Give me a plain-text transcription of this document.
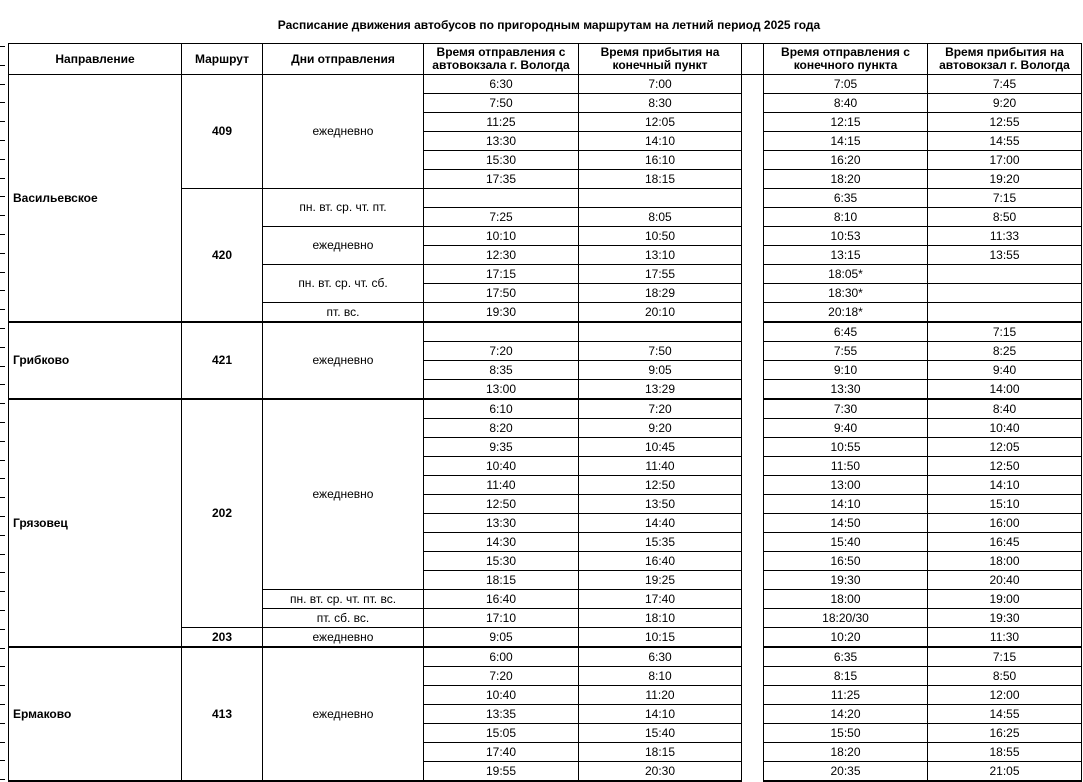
Расписание движения автобусов по пригородным маршрутам на летний период 2025 года
Направление	Маршрут	Дни отправления	Время отправления с автовокзала г. Вологда	Время прибытия на конечный пункт		Время отправления с конечного пункта	Время прибытия на автовокзал г. Вологда
Васильевское	409	ежедневно	6:30	7:00		7:05	7:45
			7:50	8:30		8:40	9:20
			11:25	12:05		12:15	12:55
			13:30	14:10		14:15	14:55
			15:30	16:10		16:20	17:00
			17:35	18:15		18:20	19:20
	420	пн. вт. ср. чт. пт.				6:35	7:15
			7:25	8:05		8:10	8:50
		ежедневно	10:10	10:50		10:53	11:33
			12:30	13:10		13:15	13:55
		пн. вт. ср. чт. сб.	17:15	17:55		18:05*	
			17:50	18:29		18:30*	
		пт. вс.	19:30	20:10		20:18*	
Грибково	421	ежедневно				6:45	7:15
			7:20	7:50		7:55	8:25
			8:35	9:05		9:10	9:40
			13:00	13:29		13:30	14:00
Грязовец	202	ежедневно	6:10	7:20		7:30	8:40
			8:20	9:20		9:40	10:40
			9:35	10:45		10:55	12:05
			10:40	11:40		11:50	12:50
			11:40	12:50		13:00	14:10
			12:50	13:50		14:10	15:10
			13:30	14:40		14:50	16:00
			14:30	15:35		15:40	16:45
			15:30	16:40		16:50	18:00
			18:15	19:25		19:30	20:40
		пн. вт. ср. чт. пт. вс.	16:40	17:40		18:00	19:00
		пт. сб. вс.	17:10	18:10		18:20/30	19:30
	203	ежедневно	9:05	10:15		10:20	11:30
Ермаково	413	ежедневно	6:00	6:30		6:35	7:15
			7:20	8:10		8:15	8:50
			10:40	11:20		11:25	12:00
			13:35	14:10		14:20	14:55
			15:05	15:40		15:50	16:25
			17:40	18:15		18:20	18:55
			19:55	20:30		20:35	21:05
